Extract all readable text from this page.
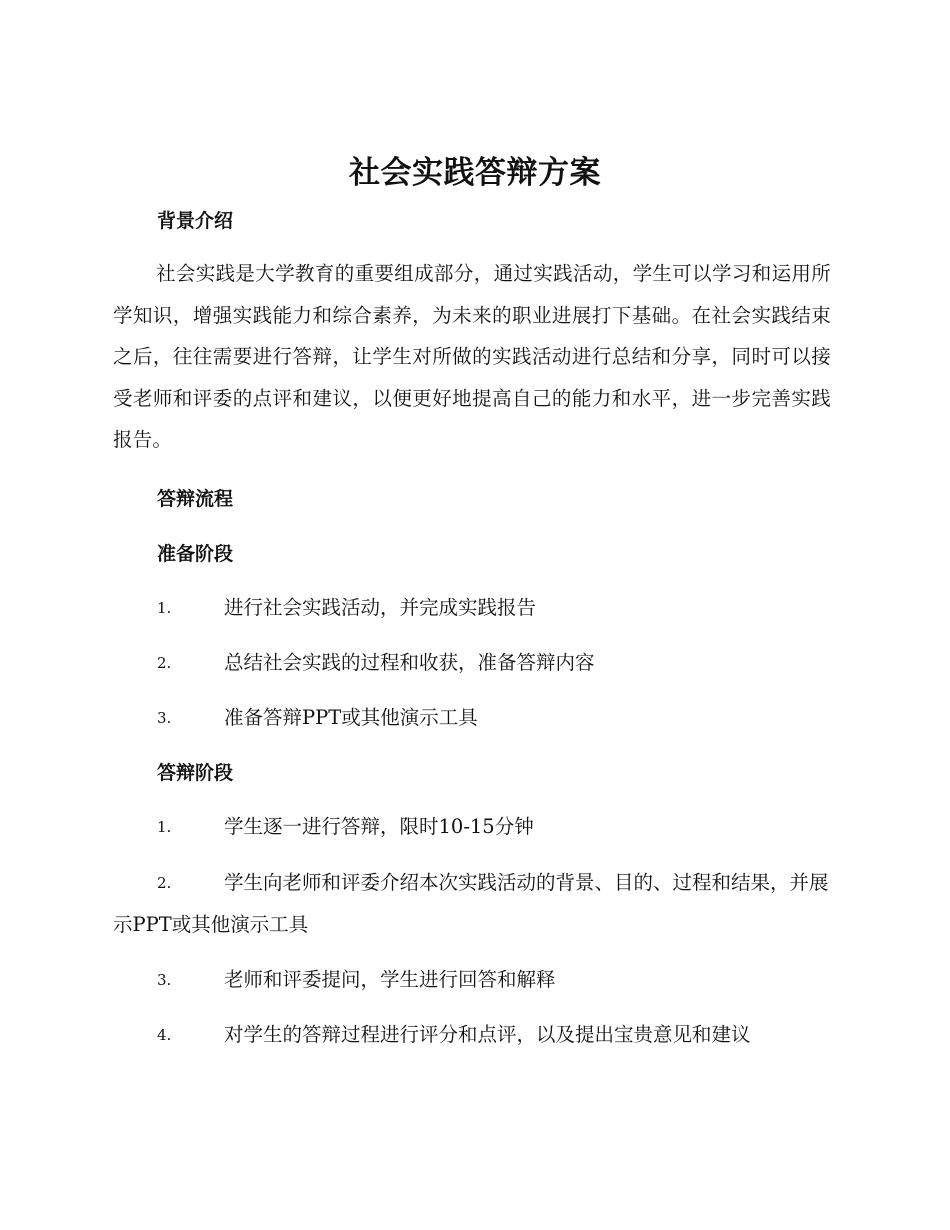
社会实践答辩方案
背景介绍
社会实践是大学教育的重要组成部分，通过实践活动，学生可以学习和运用所学知识，增强实践能力和综合素养，为未来的职业进展打下基础。在社会实践结束之后，往往需要进行答辩，让学生对所做的实践活动进行总结和分享，同时可以接受老师和评委的点评和建议，以便更好地提高自己的能力和水平，进一步完善实践报告。
答辩流程
准备阶段
1.	进行社会实践活动，并完成实践报告
2.	总结社会实践的过程和收获，准备答辩内容
3.	准备答辩PPT或其他演示工具
答辩阶段
1.	学生逐一进行答辩，限时10-15分钟
2.	学生向老师和评委介绍本次实践活动的背景、目的、过程和结果，并展示PPT或其他演示工具
3.	老师和评委提问，学生进行回答和解释
4.	对学生的答辩过程进行评分和点评，以及提出宝贵意见和建议
